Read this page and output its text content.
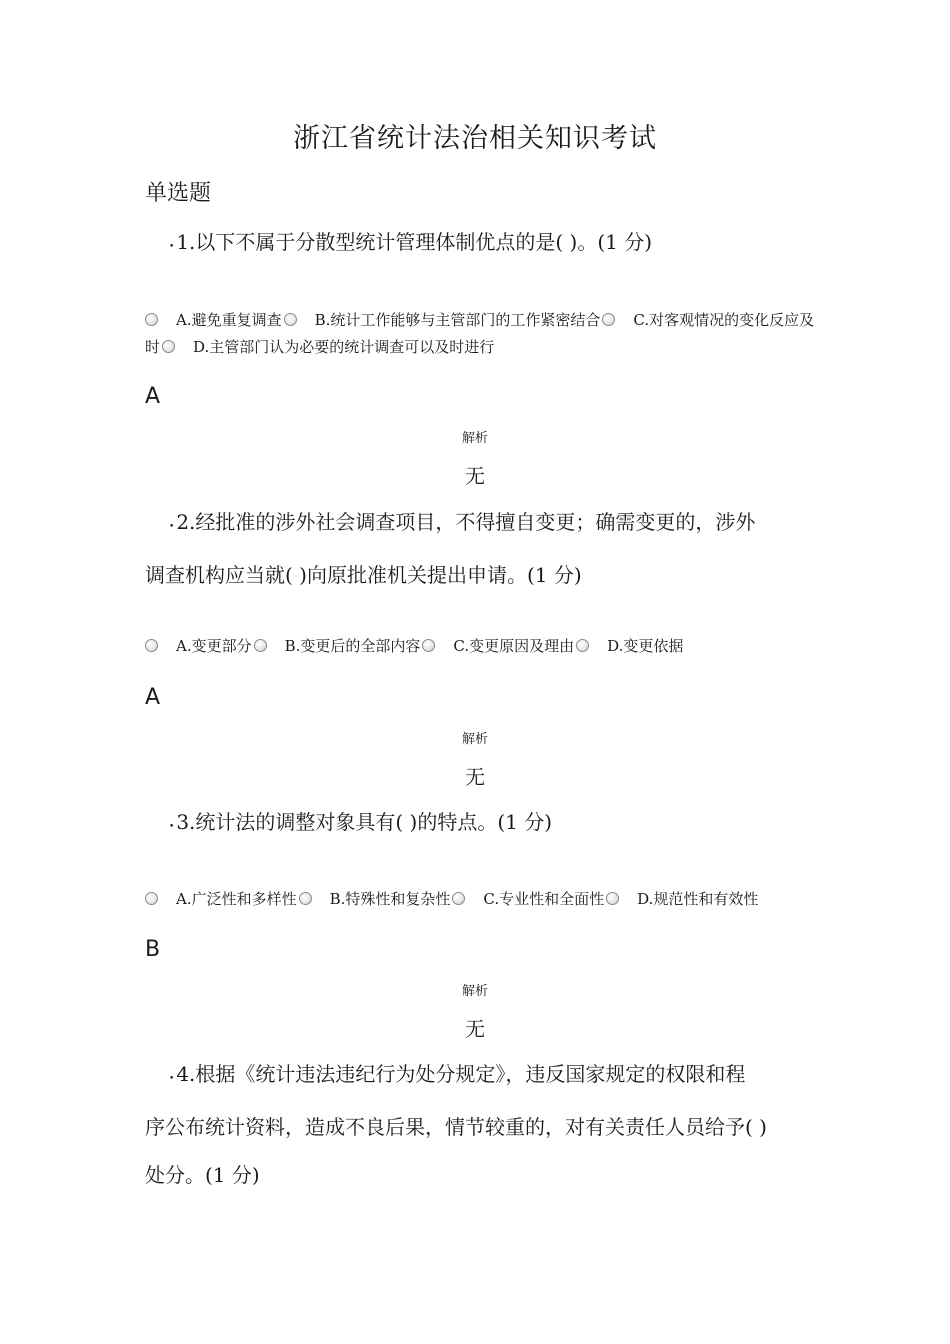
浙江省统计法治相关知识考试
单选题
• 1.以下不属于分散型统计管理体制优点的是( )。(1 分)
A.避免重复调查 B.统计工作能够与主管部门的工作紧密结合 C.对客观情况的变化反应及时 D.主管部门认为必要的统计调查可以及时进行
A
解析
无
• 2.经批准的涉外社会调查项目，不得擅自变更；确需变更的，涉外
调查机构应当就( )向原批准机关提出申请。(1 分)
A.变更部分 B.变更后的全部内容 C.变更原因及理由 D.变更依据
A
解析
无
• 3.统计法的调整对象具有( )的特点。(1 分)
A.广泛性和多样性 B.特殊性和复杂性 C.专业性和全面性 D.规范性和有效性
B
解析
无
• 4.根据《统计违法违纪行为处分规定》，违反国家规定的权限和程
序公布统计资料，造成不良后果，情节较重的，对有关责任人员给予( )
处分。(1 分)
